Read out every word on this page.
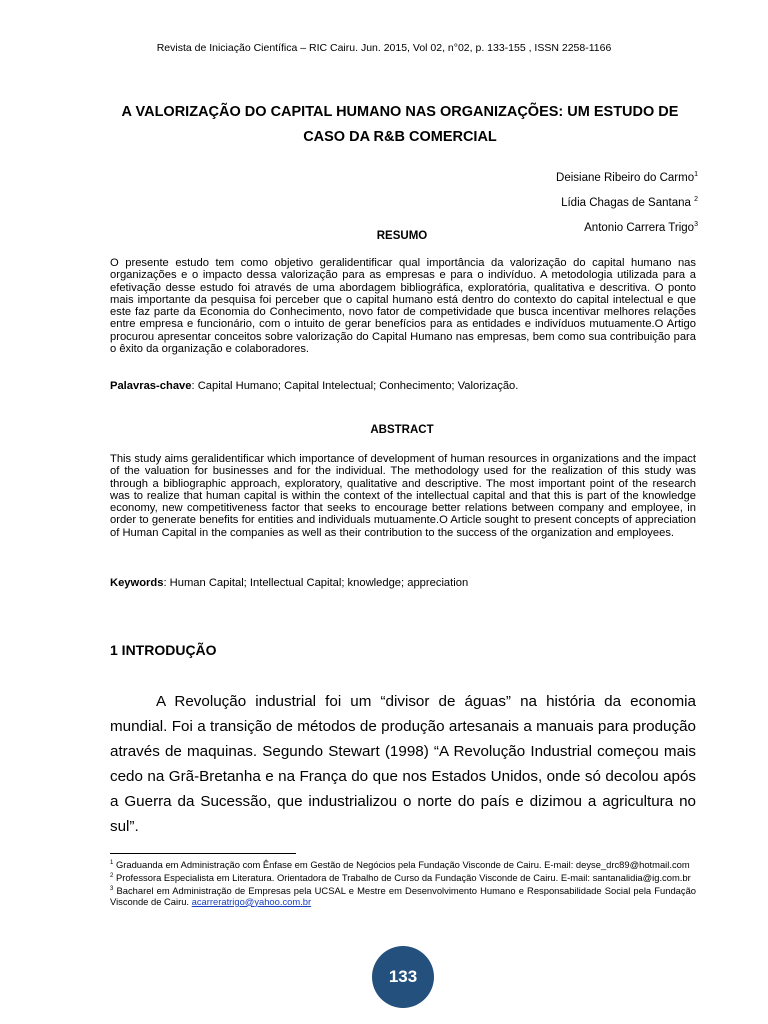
Revista de Iniciação Científica – RIC Cairu. Jun. 2015, Vol 02, n°02, p. 133-155 , ISSN 2258-1166
A VALORIZAÇÃO DO CAPITAL HUMANO NAS ORGANIZAÇÕES: UM ESTUDO DE CASO DA R&B COMERCIAL
Deisiane Ribeiro do Carmo$^1$
Lídia Chagas de Santana $^2$
Antonio Carrera Trigo$^3$
RESUMO
O presente estudo tem como objetivo geralidentificar qual importância da valorização do capital humano nas organizações e o impacto dessa valorização para as empresas e para o indivíduo. A metodologia utilizada para a efetivação desse estudo foi através de uma abordagem bibliográfica, exploratória, qualitativa e descritiva. O ponto mais importante da pesquisa foi perceber que o capital humano está dentro do contexto do capital intelectual e que este faz parte da Economia do Conhecimento, novo fator de competividade que busca incentivar melhores relações entre empresa e funcionário, com o intuito de gerar benefícios para as entidades e indivíduos mutuamente.O Artigo procurou apresentar conceitos sobre valorização do Capital Humano nas empresas, bem como sua contribuição para o êxito da organização e colaboradores.
Palavras-chave: Capital Humano; Capital Intelectual; Conhecimento; Valorização.
ABSTRACT
This study aims geralidentificar which importance of development of human resources in organizations and the impact of the valuation for businesses and for the individual. The methodology used for the realization of this study was through a bibliographic approach, exploratory, qualitative and descriptive. The most important point of the research was to realize that human capital is within the context of the intellectual capital and that this is part of the knowledge economy, new competitiveness factor that seeks to encourage better relations between company and employee, in order to generate benefits for entities and individuals mutuamente.O Article sought to present concepts of appreciation of Human Capital in the companies as well as their contribution to the success of the organization and employees.
Keywords: Human Capital; Intellectual Capital; knowledge; appreciation
1 INTRODUÇÃO
A Revolução industrial foi um “divisor de águas” na história da economia mundial. Foi a transição de métodos de produção artesanais a manuais para produção através de maquinas. Segundo Stewart (1998) “A Revolução Industrial começou mais cedo na Grã-Bretanha e na França do que nos Estados Unidos, onde só decolou após a Guerra da Sucessão, que industrializou o norte do país e dizimou a agricultura no sul”.

$^1$ Graduanda em Administração com Ênfase em Gestão de Negócios pela Fundação Visconde de Cairu. E-mail: deyse_drc89@hotmail.com

$^2$ Professora Especialista em Literatura. Orientadora de Trabalho de Curso da Fundação Visconde de Cairu. E-mail: santanalidia@ig.com.br

$^3$ Bacharel em Administração de Empresas pela UCSAL e Mestre em Desenvolvimento Humano e Responsabilidade Social pela Fundação Visconde de Cairu. acarreratrigo@yahoo.com.br

133
